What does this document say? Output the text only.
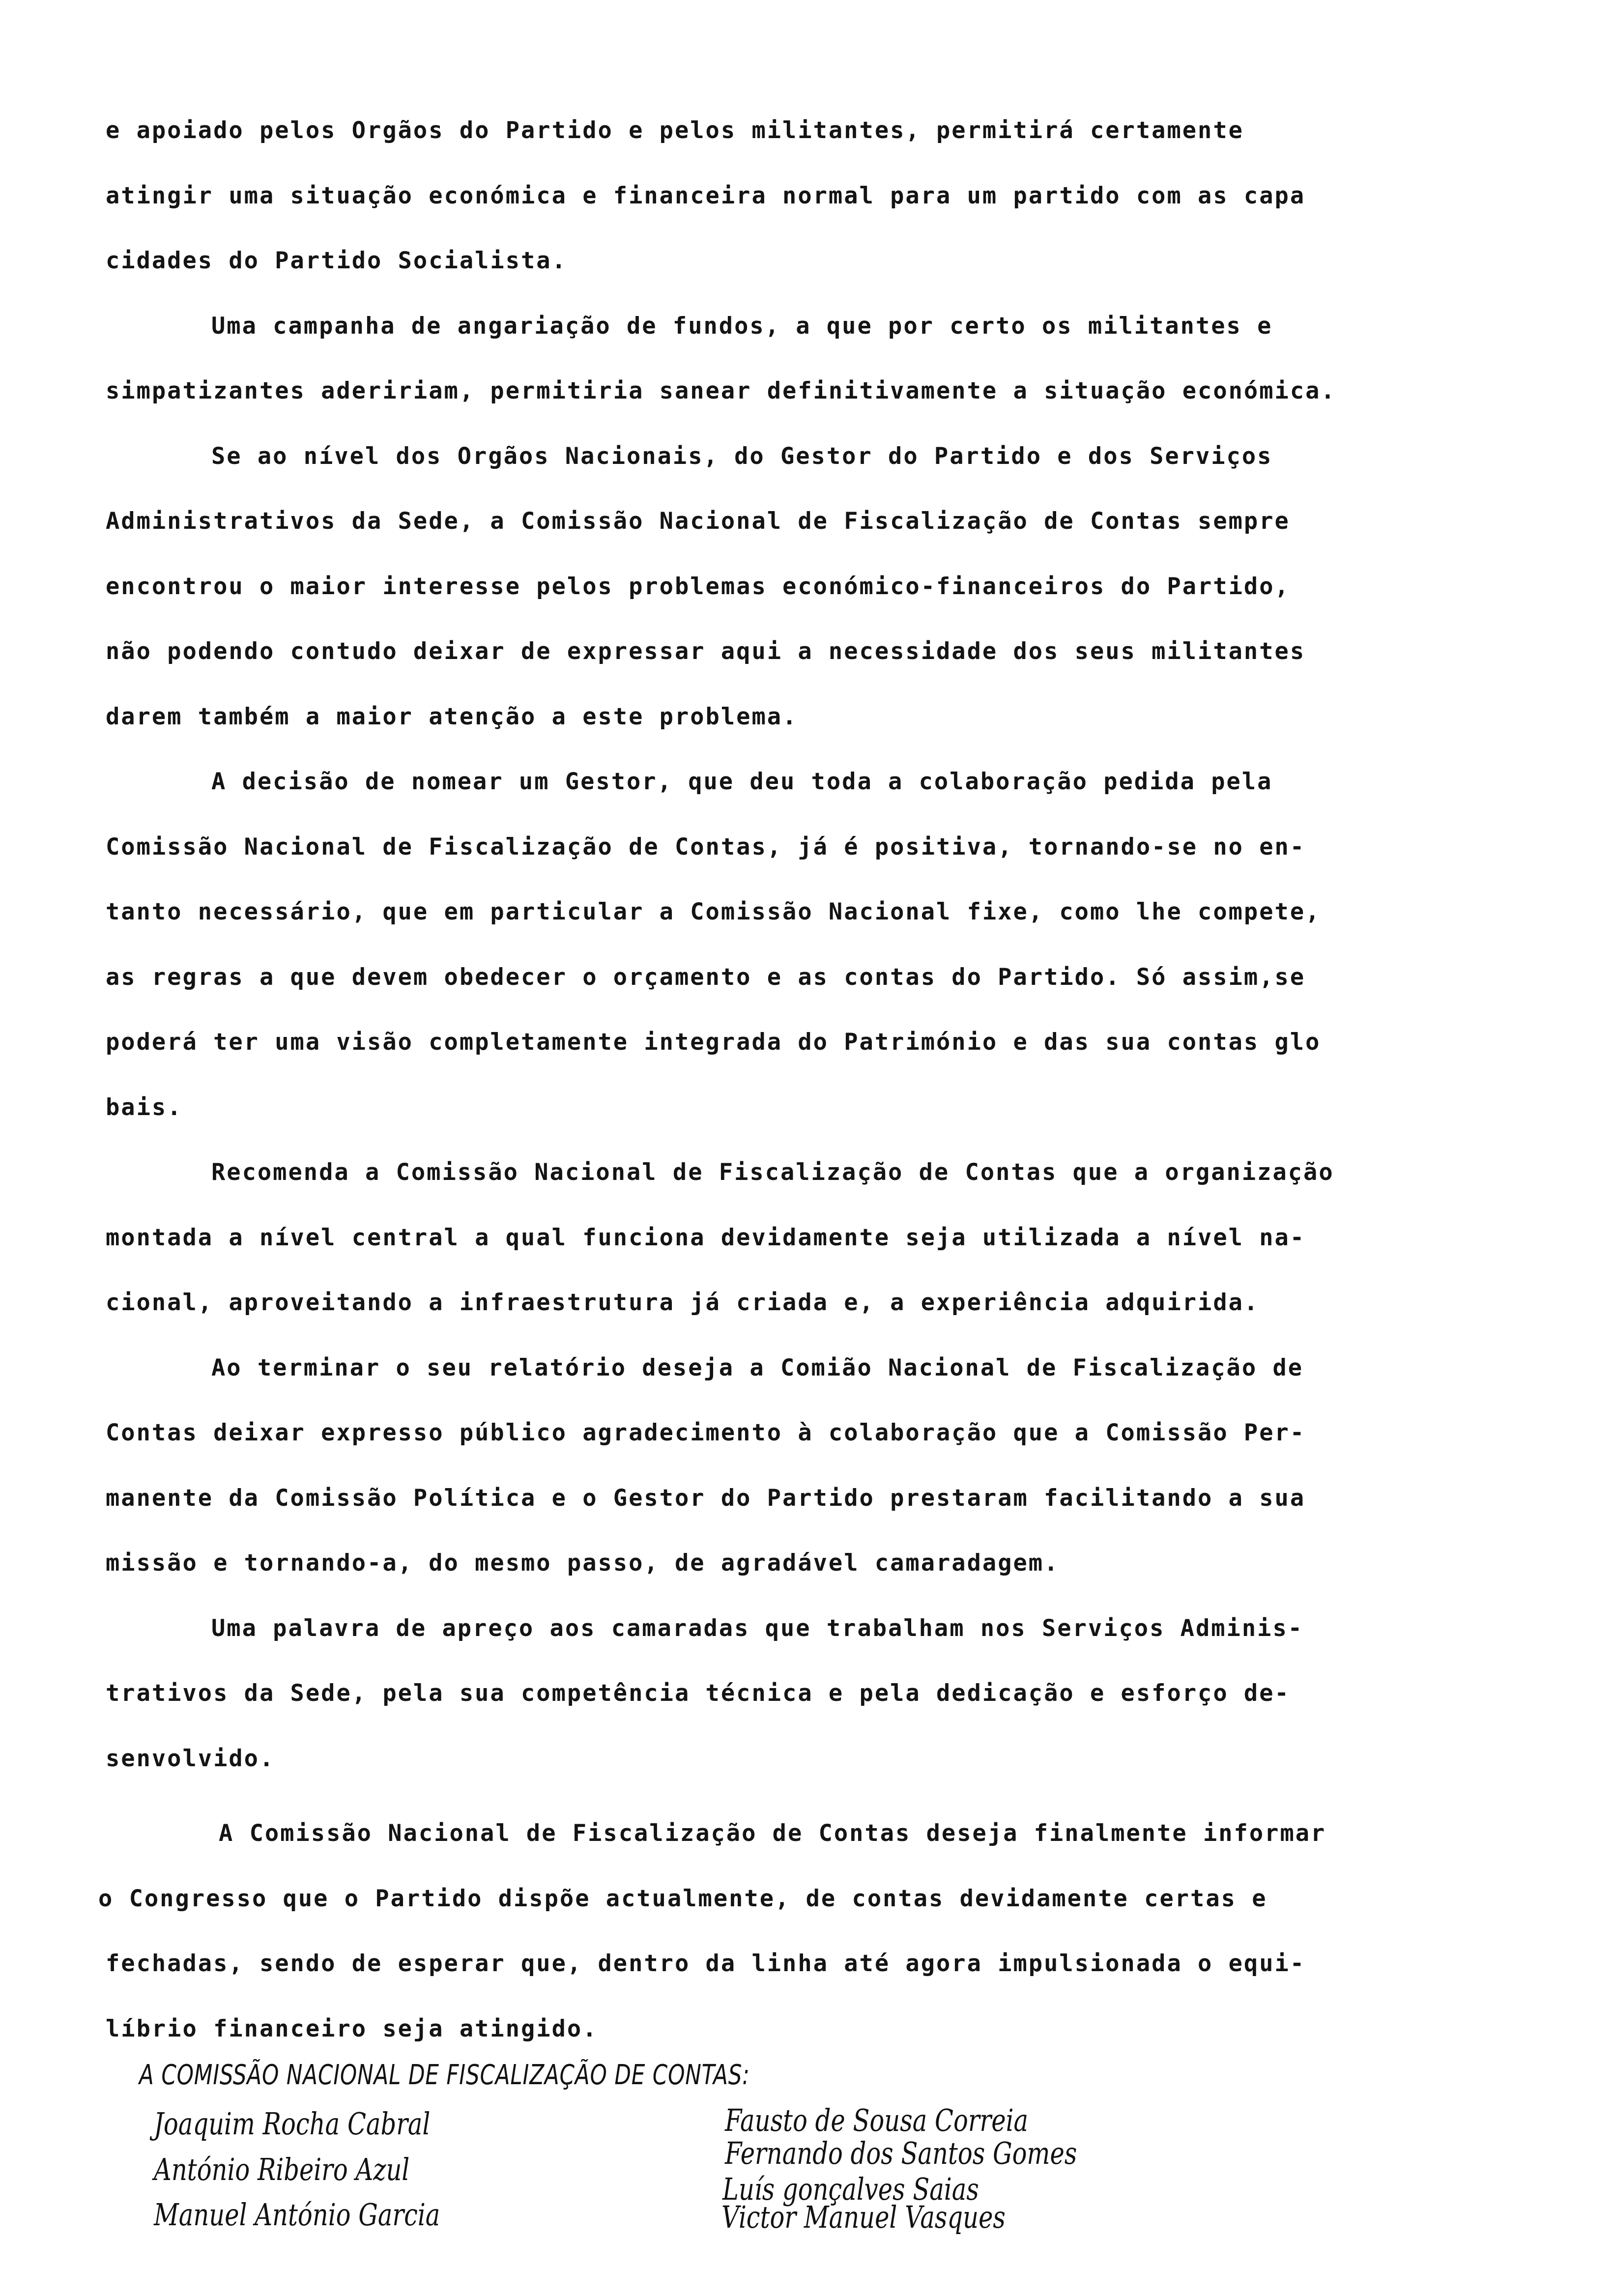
e apoiado pelos Orgãos do Partido e pelos militantes, permitirá certamente
atingir uma situação económica e financeira normal para um partido com as capa
cidades do Partido Socialista.
Uma campanha de angariação de fundos, a que por certo os militantes e
simpatizantes adeririam, permitiria sanear definitivamente a situação económica.
Se ao nível dos Orgãos Nacionais, do Gestor do Partido e dos Serviços
Administrativos da Sede, a Comissão Nacional de Fiscalização de Contas sempre
encontrou o maior interesse pelos problemas económico-financeiros do Partido,
não podendo contudo deixar de expressar aqui a necessidade dos seus militantes
darem também a maior atenção a este problema.
A decisão de nomear um Gestor, que deu toda a colaboração pedida pela
Comissão Nacional de Fiscalização de Contas, já é positiva, tornando-se no en-
tanto necessário, que em particular a Comissão Nacional fixe, como lhe compete,
as regras a que devem obedecer o orçamento e as contas do Partido. Só assim,se
poderá ter uma visão completamente integrada do Património e das sua contas glo
bais.
Recomenda a Comissão Nacional de Fiscalização de Contas que a organização
montada a nível central a qual funciona devidamente seja utilizada a nível na-
cional, aproveitando a infraestrutura já criada e, a experiência adquirida.
Ao terminar o seu relatório deseja a Comião Nacional de Fiscalização de
Contas deixar expresso público agradecimento à colaboração que a Comissão Per-
manente da Comissão Política e o Gestor do Partido prestaram facilitando a sua
missão e tornando-a, do mesmo passo, de agradável camaradagem.
Uma palavra de apreço aos camaradas que trabalham nos Serviços Adminis-
trativos da Sede, pela sua competência técnica e pela dedicação e esforço de-
senvolvido.
A Comissão Nacional de Fiscalização de Contas deseja finalmente informar
o Congresso que o Partido dispõe actualmente, de contas devidamente certas e
fechadas, sendo de esperar que, dentro da linha até agora impulsionada o equi-
líbrio financeiro seja atingido.
A COMISSÃO NACIONAL DE FISCALIZAÇÃO DE CONTAS:
Joaquim Rocha Cabral
António Ribeiro Azul
Manuel António Garcia
Fausto de Sousa Correia
Fernando dos Santos Gomes
Luís gonçalves Saias
Victor Manuel Vasques
